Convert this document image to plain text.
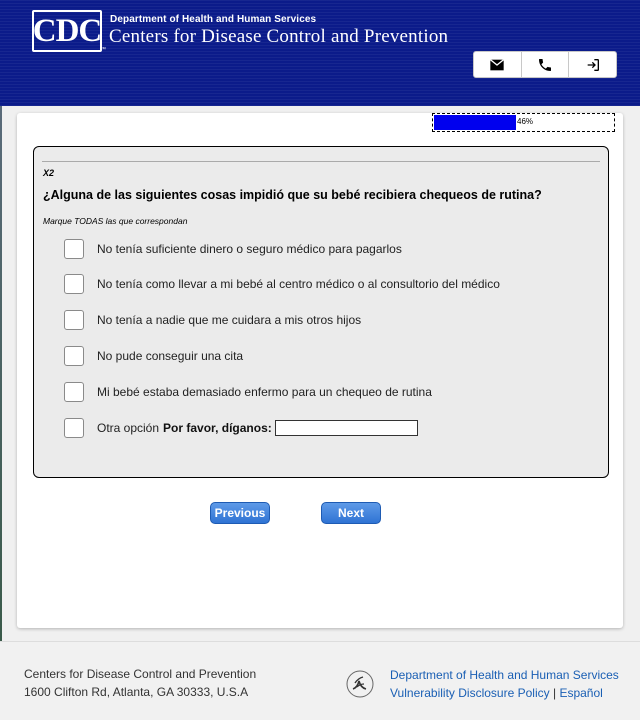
CDC
™
Department of Health and Human Services
Centers for Disease Control and Prevention
46%
X2
¿Alguna de las siguientes cosas impidió que su bebé recibiera chequeos de rutina?
Marque TODAS las que correspondan
No tenía suficiente dinero o seguro médico para pagarlos
No tenía como llevar a mi bebé al centro médico o al consultorio del médico
No tenía a nadie que me cuidara a mis otros hijos
No pude conseguir una cita
Mi bebé estaba demasiado enfermo para un chequeo de rutina
Otra opción Por favor, díganos:
Previous	Next
Centers for Disease Control and Prevention
1600 Clifton Rd, Atlanta, GA 30333, U.S.A
Department of Health and Human Services
Vulnerability Disclosure Policy | Español
